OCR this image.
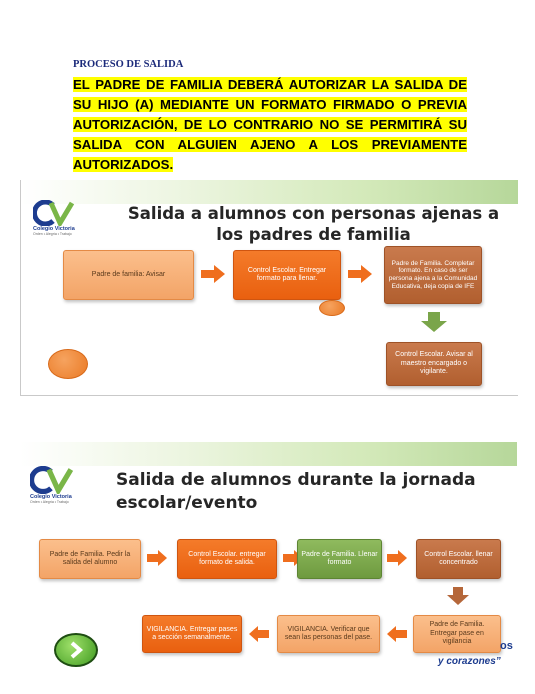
PROCESO DE SALIDA
EL PADRE DE FAMILIA DEBERÁ AUTORIZAR LA SALIDA DE SU HIJO (A) MEDIANTE UN FORMATO FIRMADO O PREVIA AUTORIZACIÓN, DE LO CONTRARIO NO SE PERMITIRÁ SU SALIDA CON ALGUIEN AJENO A LOS PREVIAMENTE AUTORIZADOS.
Colegio Victoria
Orden • Alegría • Trabajo
Salida a alumnos con personas ajenas a
los padres de familia
Padre de familia: Avisar
Control Escolar. Entregar formato para llenar.
Padre de Familia. Completar formato. En caso de ser persona ajena a la Comunidad Educativa, deja copia de IFE
Control Escolar. Avisar al maestro encargado o vigilante.
Colegio Victoria
Orden • Alegría • Trabajo
Salida de alumnos durante la jornada
escolar/evento
Padre de Familia. Pedir la salida del alumno
Control Escolar. entregar formato de salida.
Padre de Familia. Llenar formato
Control Escolar. llenar concentrado
VIGILANCIA. Entregar pases a sección semanalmente.
VIGILANCIA. Verificar que sean las personas del pase.
Padre de Familia. Entregar pase en vigilancia	os
y corazones”
